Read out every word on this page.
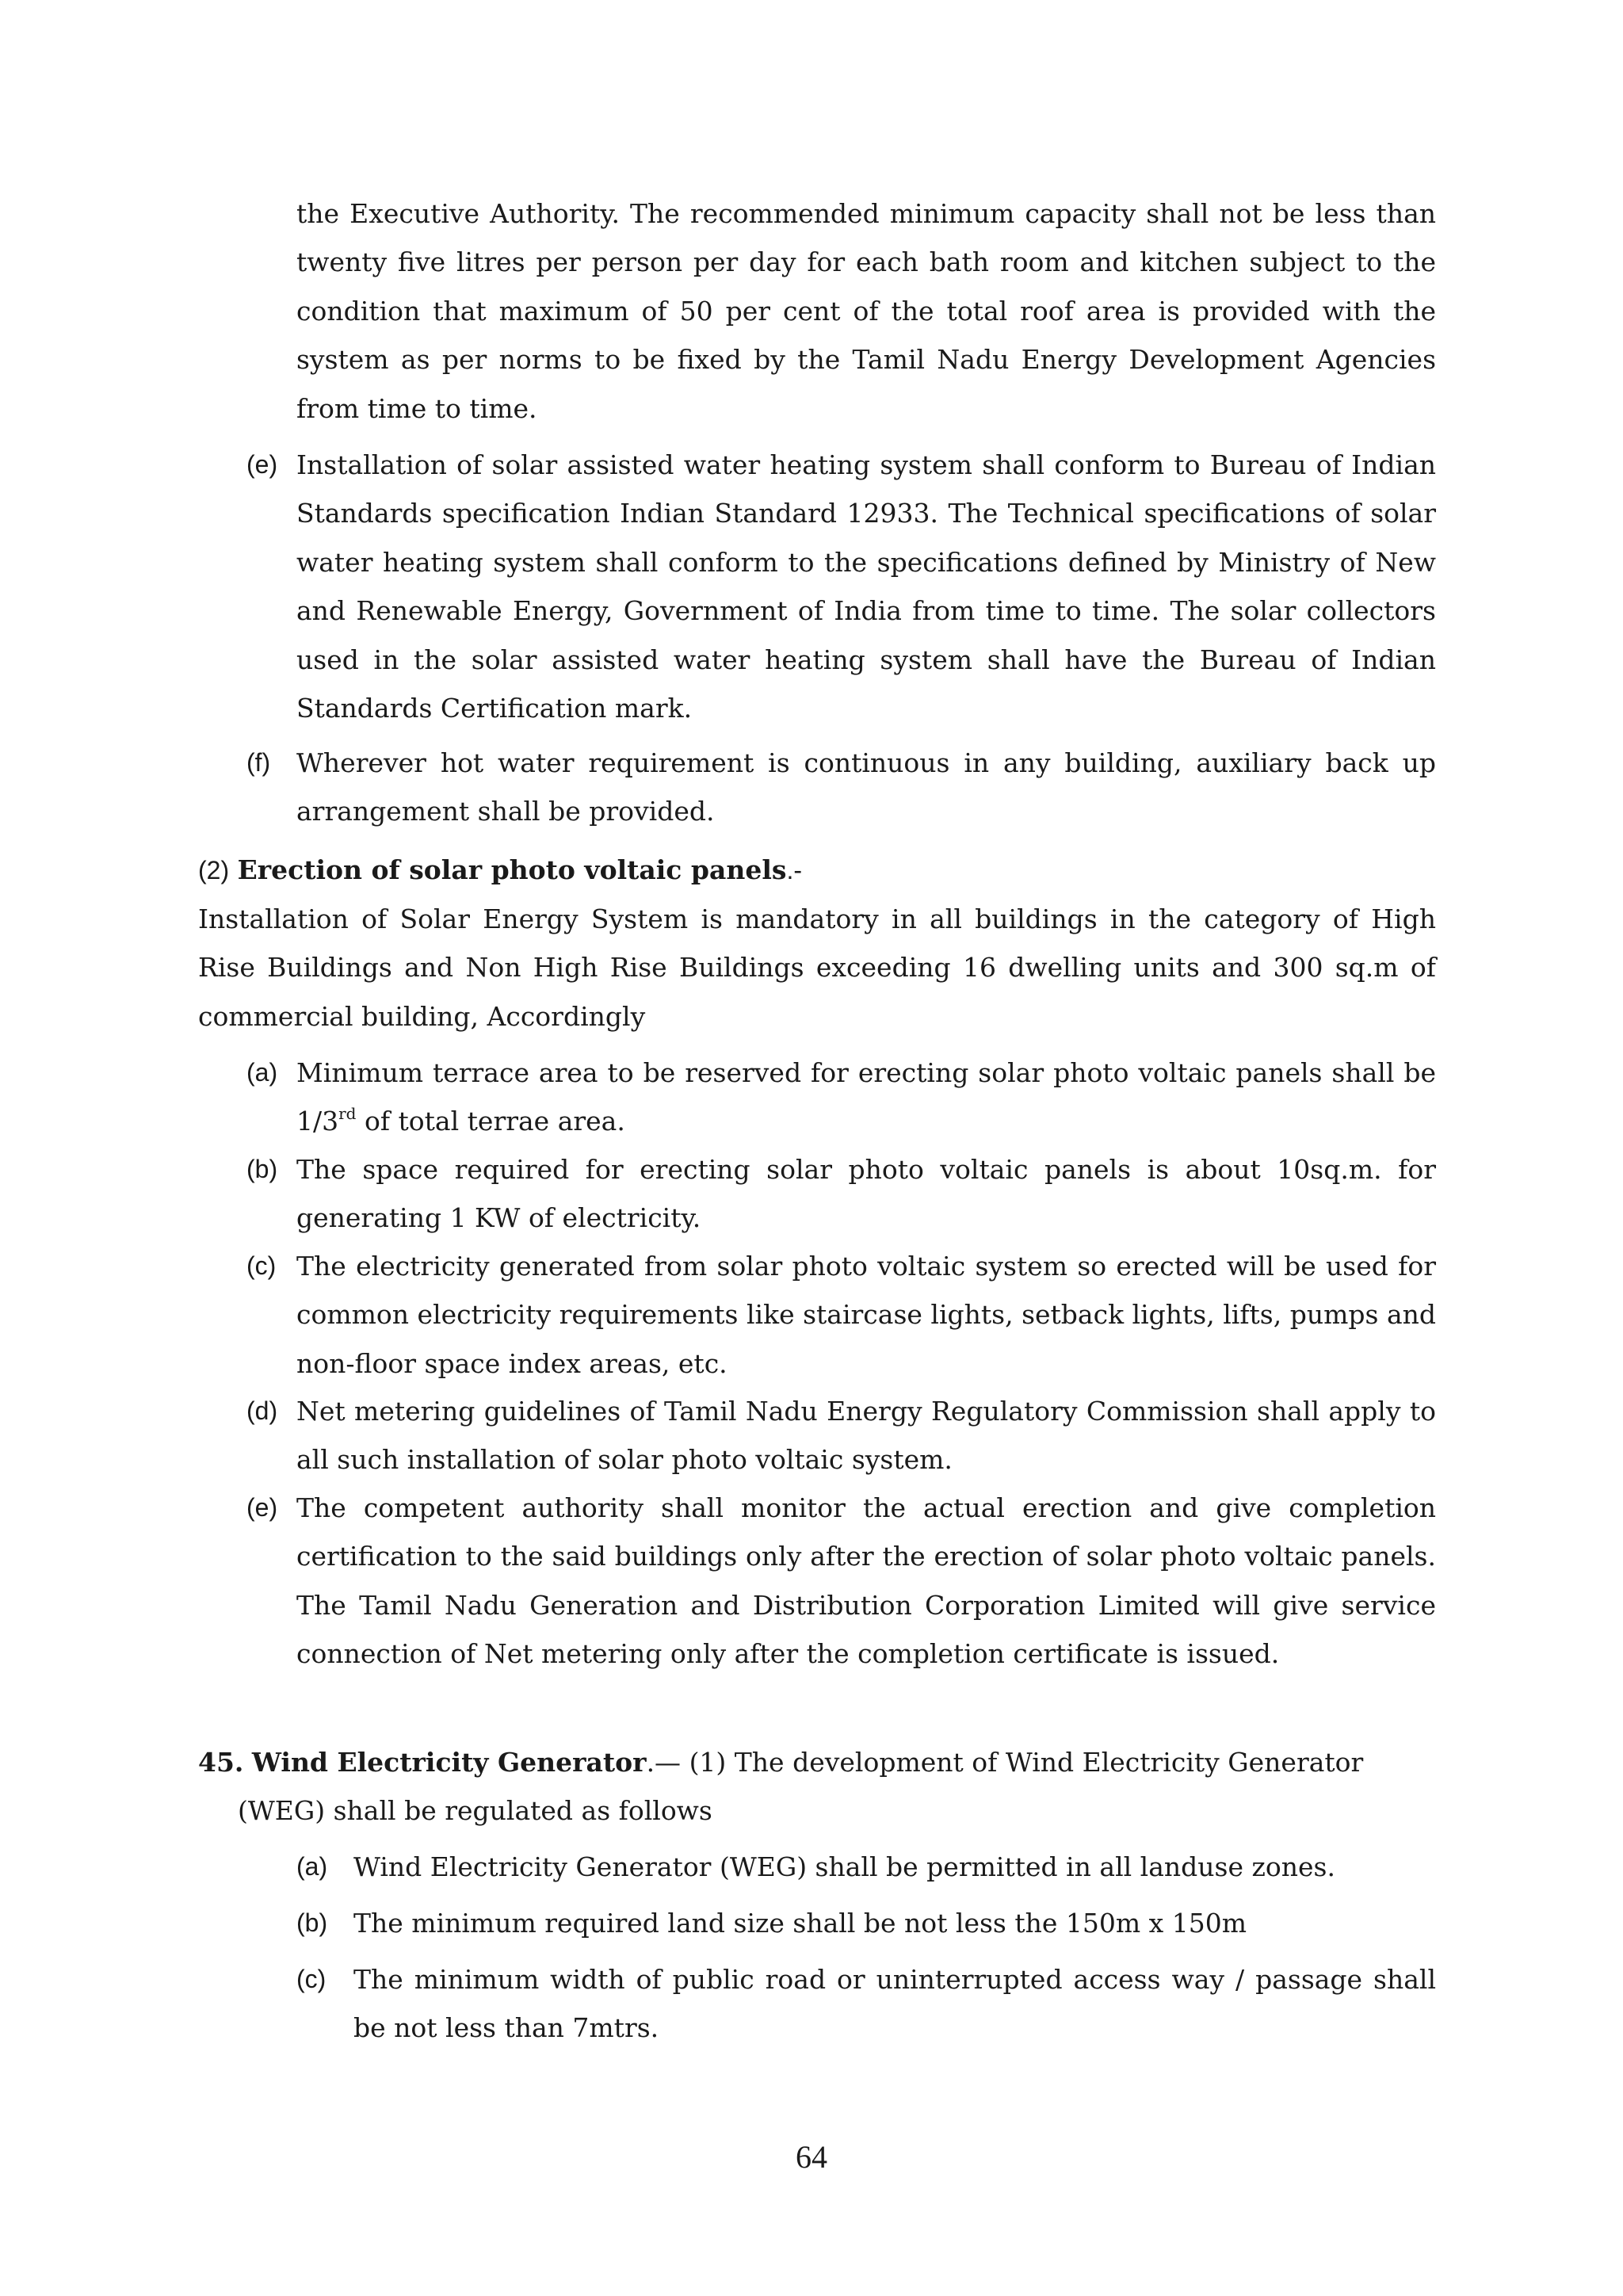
the Executive Authority. The recommended minimum capacity shall not be less than twenty five litres per person per day for each bath room and kitchen subject to the condition that maximum of 50 per cent of the total roof area is provided with the system as per norms to be fixed by the Tamil Nadu Energy Development Agencies from time to time.
(e) Installation of solar assisted water heating system shall conform to Bureau of Indian Standards specification Indian Standard 12933. The Technical specifications of solar water heating system shall conform to the specifications defined by Ministry of New and Renewable Energy, Government of India from time to time. The solar collectors used in the solar assisted water heating system shall have the Bureau of Indian Standards Certification mark.
(f) Wherever hot water requirement is continuous in any building, auxiliary back up arrangement shall be provided.
(2) Erection of solar photo voltaic panels.-
Installation of Solar Energy System is mandatory in all buildings in the category of High Rise Buildings and Non High Rise Buildings exceeding 16 dwelling units and 300 sq.m of commercial building, Accordingly
(a) Minimum terrace area to be reserved for erecting solar photo voltaic panels shall be 1/3rd of total terrae area.
(b) The space required for erecting solar photo voltaic panels is about 10sq.m. for generating 1 KW of electricity.
(c) The electricity generated from solar photo voltaic system so erected will be used for common electricity requirements like staircase lights, setback lights, lifts, pumps and non-floor space index areas, etc.
(d) Net metering guidelines of Tamil Nadu Energy Regulatory Commission shall apply to all such installation of solar photo voltaic system.
(e) The competent authority shall monitor the actual erection and give completion certification to the said buildings only after the erection of solar photo voltaic panels. The Tamil Nadu Generation and Distribution Corporation Limited will give service connection of Net metering only after the completion certificate is issued.
45. Wind Electricity Generator.— (1) The development of Wind Electricity Generator
(WEG) shall be regulated as follows
(a) Wind Electricity Generator (WEG) shall be permitted in all landuse zones.
(b) The minimum required land size shall be not less the 150m x 150m
(c) The minimum width of public road or uninterrupted access way / passage shall be not less than 7mtrs.
64
